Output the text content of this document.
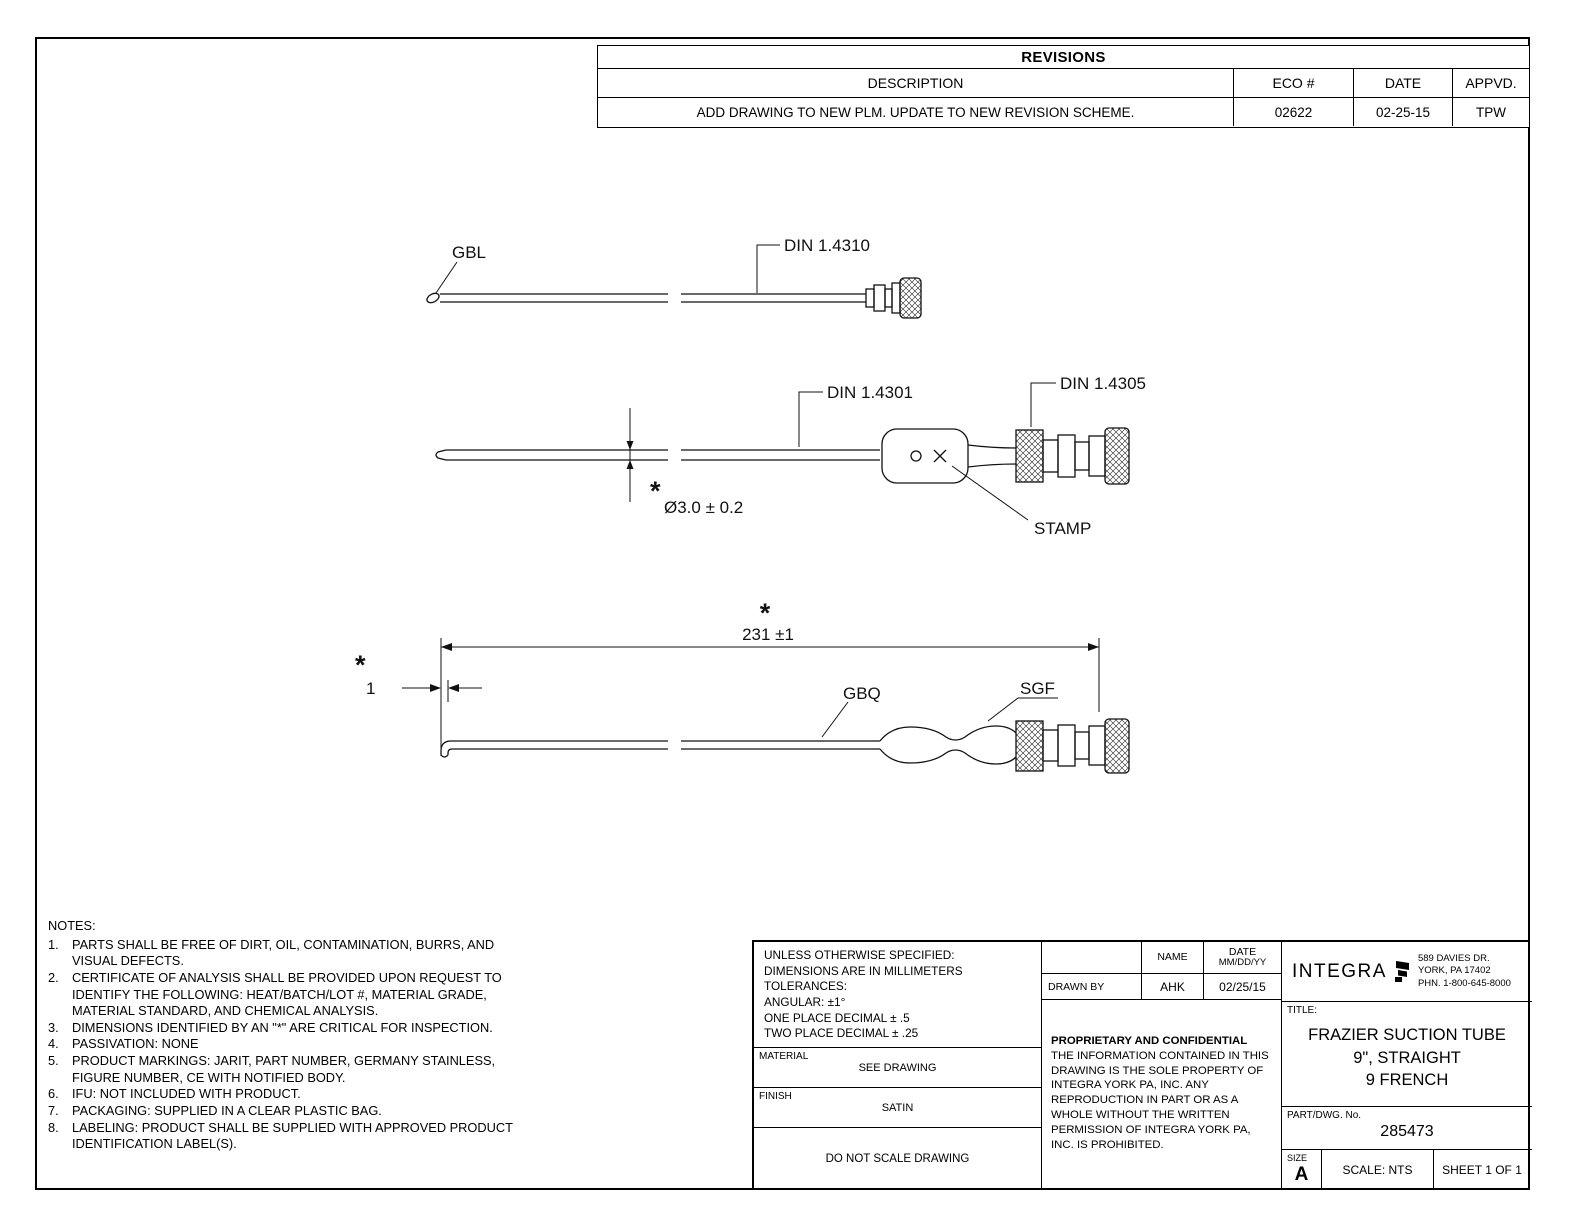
REVISIONS
DESCRIPTION	ECO #	DATE	APPVD.
ADD DRAWING TO NEW PLM. UPDATE TO NEW REVISION SCHEME.	02622	02-25-15	TPW
GBL	DIN 1.4310
DIN 1.4301	DIN 1.4305
STAMP
*
Ø3.0 ± 0.2
*
231 ±1
*
1	GBQ	SGF
NOTES:
1.	PARTS SHALL BE FREE OF DIRT, OIL, CONTAMINATION, BURRS, AND VISUAL DEFECTS.
2.	CERTIFICATE OF ANALYSIS SHALL BE PROVIDED UPON REQUEST TO IDENTIFY THE FOLLOWING: HEAT/BATCH/LOT #, MATERIAL GRADE, MATERIAL STANDARD, AND CHEMICAL ANALYSIS.
3.	DIMENSIONS IDENTIFIED BY AN "*" ARE CRITICAL FOR INSPECTION.
4.	PASSIVATION: NONE
5.	PRODUCT MARKINGS: JARIT, PART NUMBER, GERMANY STAINLESS, FIGURE NUMBER, CE WITH NOTIFIED BODY.
6.	IFU: NOT INCLUDED WITH PRODUCT.
7.	PACKAGING: SUPPLIED IN A CLEAR PLASTIC BAG.
8.	LABELING: PRODUCT SHALL BE SUPPLIED WITH APPROVED PRODUCT IDENTIFICATION LABEL(S).
UNLESS OTHERWISE SPECIFIED:
DIMENSIONS ARE IN MILLIMETERS
TOLERANCES:
ANGULAR: ±1°
ONE PLACE DECIMAL ± .5
TWO PLACE DECIMAL ± .25
MATERIAL
SEE DRAWING
FINISH
SATIN
DO NOT SCALE DRAWING
NAME	DATE
MM/DD/YY
DRAWN BY	AHK	02/25/15
PROPRIETARY AND CONFIDENTIAL
THE INFORMATION CONTAINED IN THIS DRAWING IS THE SOLE PROPERTY OF INTEGRA YORK PA, INC. ANY REPRODUCTION IN PART OR AS A WHOLE WITHOUT THE WRITTEN PERMISSION OF INTEGRA YORK PA, INC. IS PROHIBITED.
INTEGRA
589 DAVIES DR.
YORK, PA 17402
PHN. 1-800-645-8000
TITLE:
FRAZIER SUCTION TUBE
9", STRAIGHT
9 FRENCH
PART/DWG. No.
285473
SIZE
A	SCALE: NTS	SHEET 1 OF 1
